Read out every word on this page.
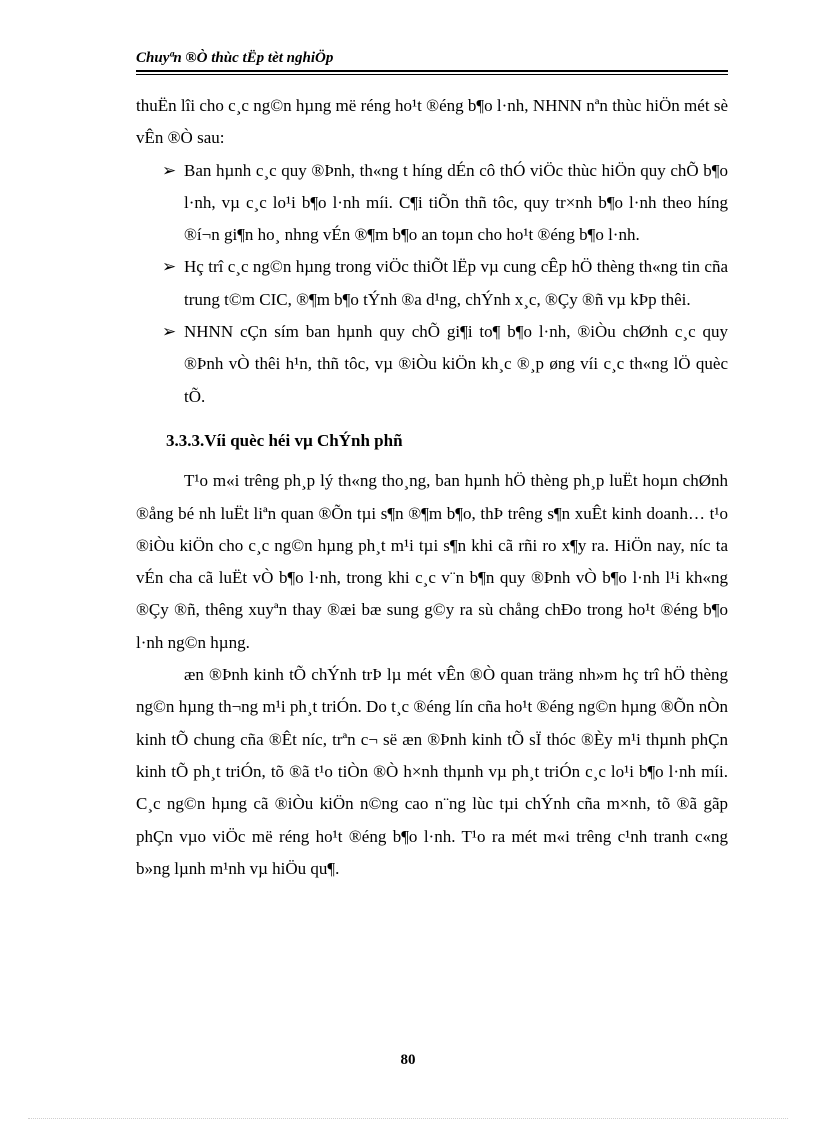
Chuyªn ®Ò thùc tËp tèt nghiÖp

thuËn lîi cho c¸c ng©n hµng më réng ho¹t ®éng b¶o l·nh, NHNN nªn thùc hiÖn mét sè vÊn ®Ò sau:

➢ Ban hµnh c¸c quy ®Þnh, th«ng t híng dÉn cô thÓ viÖc thùc hiÖn quy chÕ b¶o l·nh, vµ c¸c lo¹i b¶o l·nh míi. C¶i tiÕn thñ tôc, quy tr×nh b¶o l·nh theo híng ®í¬n gi¶n ho¸ nhng vÉn ®¶m b¶o an toµn cho ho¹t ®éng b¶o l·nh.

➢ Hç trî c¸c ng©n hµng trong viÖc thiÕt lËp vµ cung cÊp hÖ thèng th«ng tin cña trung t©m CIC, ®¶m b¶o tÝnh ®a d¹ng, chÝnh x¸c, ®Çy ®ñ vµ kÞp thêi.

➢ NHNN cÇn sím ban hµnh quy chÕ gi¶i to¶ b¶o l·nh, ®iÒu chØnh c¸c quy ®Þnh vÒ thêi h¹n, thñ tôc, vµ ®iÒu kiÖn kh¸c ®¸p øng víi c¸c th«ng lÖ quèc tÕ.

3.3.3.Víi quèc héi vµ ChÝnh phñ

T¹o m«i trêng ph¸p lý th«ng tho¸ng, ban hµnh hÖ thèng ph¸p luËt hoµn chØnh ®ång bé nh luËt liªn quan ®Õn tµi s¶n ®¶m b¶o, thÞ trêng s¶n xuÊt kinh doanh… t¹o ®iÒu kiÖn cho c¸c ng©n hµng ph¸t m¹i tµi s¶n khi cã rñi ro x¶y ra. HiÖn nay, níc ta vÉn cha cã luËt vÒ b¶o l·nh, trong khi c¸c v¨n b¶n quy ®Þnh vÒ b¶o l·nh l¹i kh«ng ®Çy ®ñ, thêng xuyªn thay ®æi bæ sung g©y ra sù chång chÐo trong ho¹t ®éng b¶o l·nh ng©n hµng.

æn ®Þnh kinh tÕ chÝnh trÞ lµ mét vÊn ®Ò quan träng nh»m hç trî hÖ thèng ng©n hµng th¬ng m¹i ph¸t triÓn. Do t¸c ®éng lín cña ho¹t ®éng ng©n hµng ®Õn nÒn kinh tÕ chung cña ®Êt níc, trªn c¬ së æn ®Þnh kinh tÕ sÏ thóc ®Èy m¹i thµnh phÇn kinh tÕ ph¸t triÓn, tõ ®ã t¹o tiÒn ®Ò h×nh thµnh vµ ph¸t triÓn c¸c lo¹i b¶o l·nh míi. C¸c ng©n hµng cã ®iÒu kiÖn n©ng cao n¨ng lùc tµi chÝnh cña m×nh, tõ ®ã gãp phÇn vµo viÖc më réng ho¹t ®éng b¶o l·nh. T¹o ra mét m«i trêng c¹nh tranh c«ng b»ng lµnh m¹nh vµ hiÖu qu¶.

80
